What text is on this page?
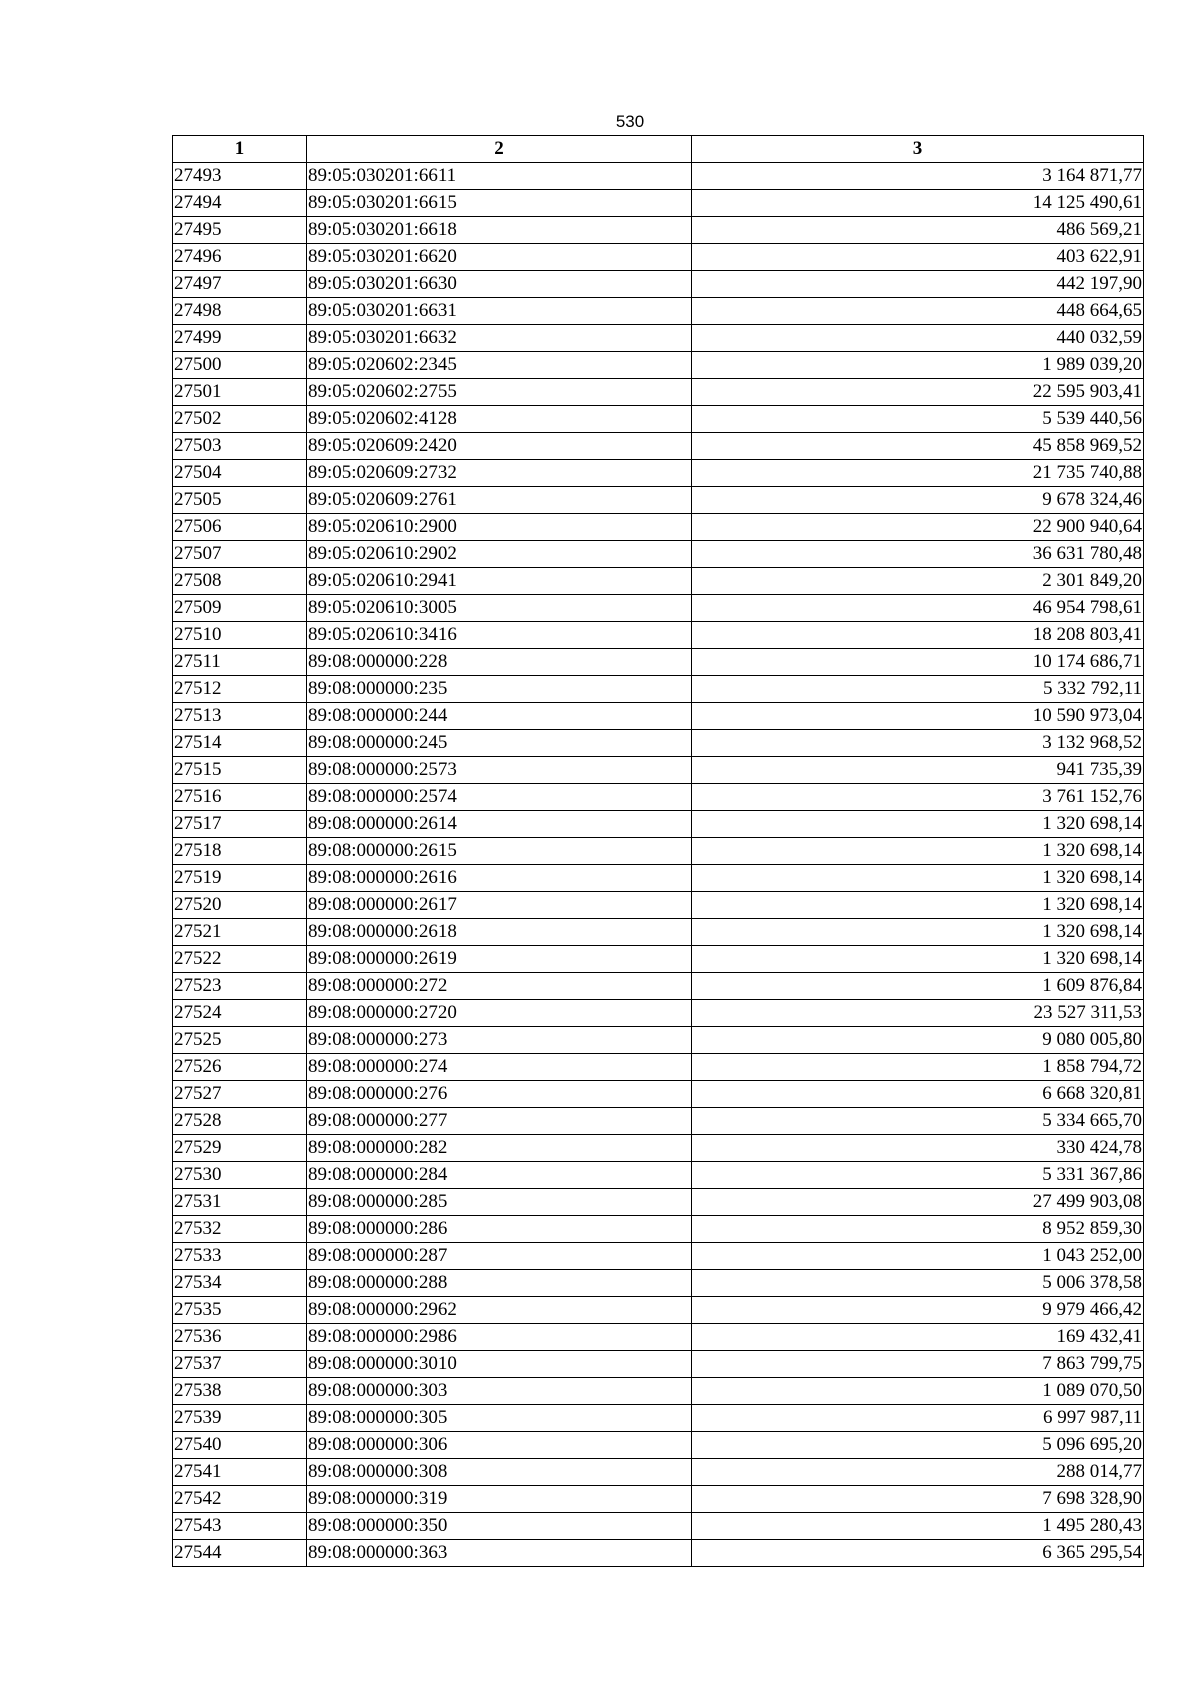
530
1	2	3
27493	89:05:030201:6611	3 164 871,77
27494	89:05:030201:6615	14 125 490,61
27495	89:05:030201:6618	486 569,21
27496	89:05:030201:6620	403 622,91
27497	89:05:030201:6630	442 197,90
27498	89:05:030201:6631	448 664,65
27499	89:05:030201:6632	440 032,59
27500	89:05:020602:2345	1 989 039,20
27501	89:05:020602:2755	22 595 903,41
27502	89:05:020602:4128	5 539 440,56
27503	89:05:020609:2420	45 858 969,52
27504	89:05:020609:2732	21 735 740,88
27505	89:05:020609:2761	9 678 324,46
27506	89:05:020610:2900	22 900 940,64
27507	89:05:020610:2902	36 631 780,48
27508	89:05:020610:2941	2 301 849,20
27509	89:05:020610:3005	46 954 798,61
27510	89:05:020610:3416	18 208 803,41
27511	89:08:000000:228	10 174 686,71
27512	89:08:000000:235	5 332 792,11
27513	89:08:000000:244	10 590 973,04
27514	89:08:000000:245	3 132 968,52
27515	89:08:000000:2573	941 735,39
27516	89:08:000000:2574	3 761 152,76
27517	89:08:000000:2614	1 320 698,14
27518	89:08:000000:2615	1 320 698,14
27519	89:08:000000:2616	1 320 698,14
27520	89:08:000000:2617	1 320 698,14
27521	89:08:000000:2618	1 320 698,14
27522	89:08:000000:2619	1 320 698,14
27523	89:08:000000:272	1 609 876,84
27524	89:08:000000:2720	23 527 311,53
27525	89:08:000000:273	9 080 005,80
27526	89:08:000000:274	1 858 794,72
27527	89:08:000000:276	6 668 320,81
27528	89:08:000000:277	5 334 665,70
27529	89:08:000000:282	330 424,78
27530	89:08:000000:284	5 331 367,86
27531	89:08:000000:285	27 499 903,08
27532	89:08:000000:286	8 952 859,30
27533	89:08:000000:287	1 043 252,00
27534	89:08:000000:288	5 006 378,58
27535	89:08:000000:2962	9 979 466,42
27536	89:08:000000:2986	169 432,41
27537	89:08:000000:3010	7 863 799,75
27538	89:08:000000:303	1 089 070,50
27539	89:08:000000:305	6 997 987,11
27540	89:08:000000:306	5 096 695,20
27541	89:08:000000:308	288 014,77
27542	89:08:000000:319	7 698 328,90
27543	89:08:000000:350	1 495 280,43
27544	89:08:000000:363	6 365 295,54
